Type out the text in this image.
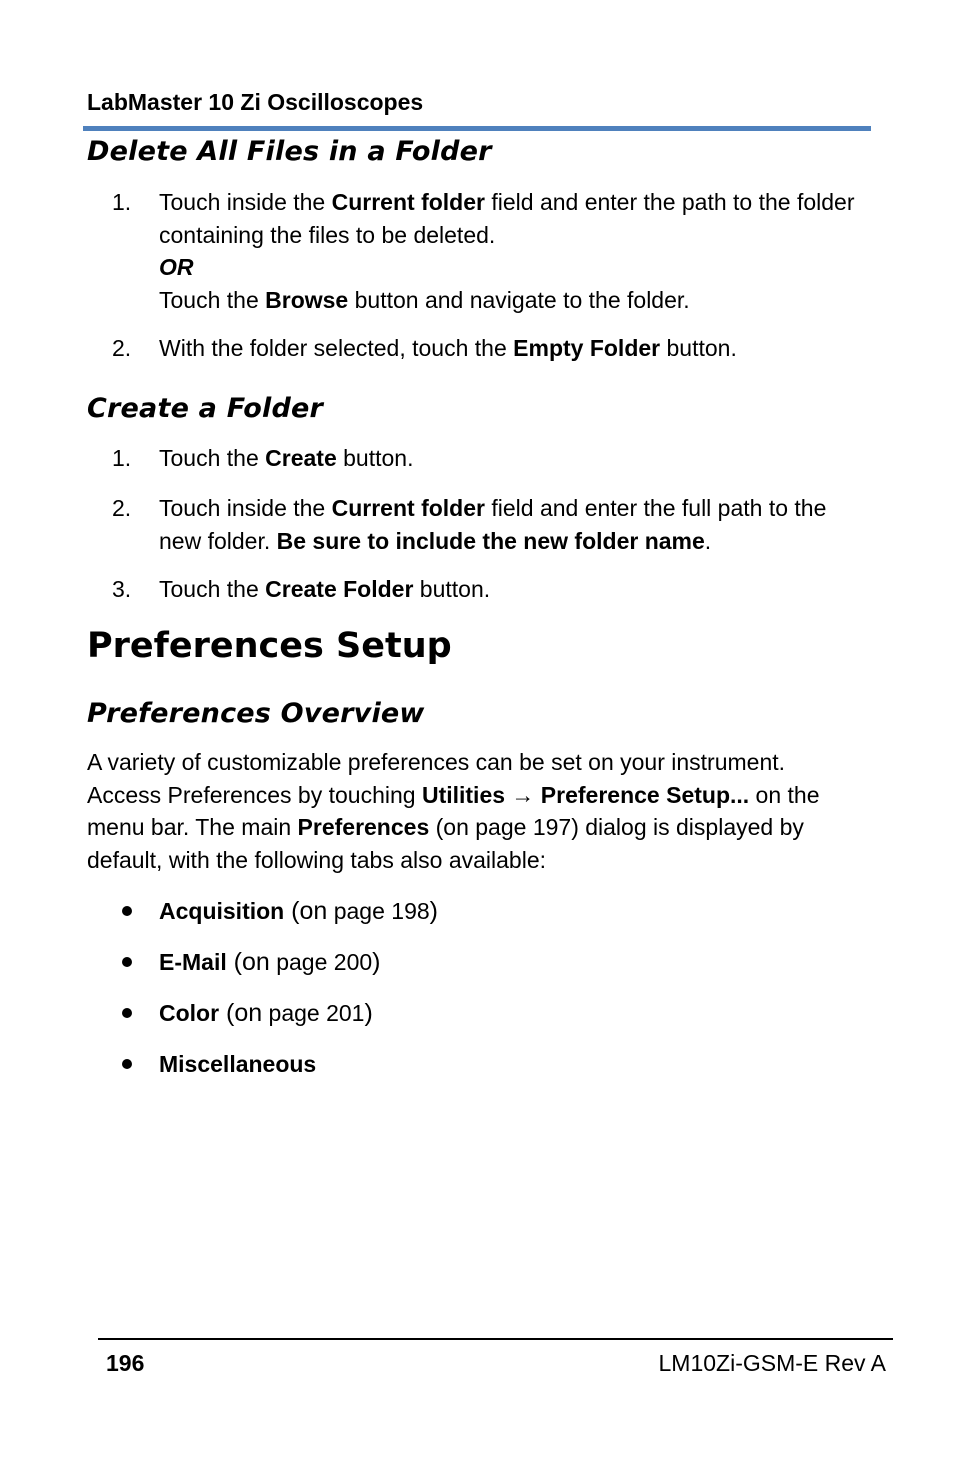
LabMaster 10 Zi Oscilloscopes
Delete All Files in a Folder
1. Touch inside the Current folder field and enter the path to the folder containing the files to be deleted.
OR
Touch the Browse button and navigate to the folder.
2. With the folder selected, touch the Empty Folder button.
Create a Folder
1. Touch the Create button.
2. Touch inside the Current folder field and enter the full path to the new folder. Be sure to include the new folder name.
3. Touch the Create Folder button.
Preferences Setup
Preferences Overview
A variety of customizable preferences can be set on your instrument. Access Preferences by touching Utilities → Preference Setup... on the menu bar. The main Preferences (on page 197) dialog is displayed by default, with the following tabs also available:
Acquisition (on page 198)
E-Mail (on page 200)
Color (on page 201)
Miscellaneous
196	LM10Zi-GSM-E Rev A
